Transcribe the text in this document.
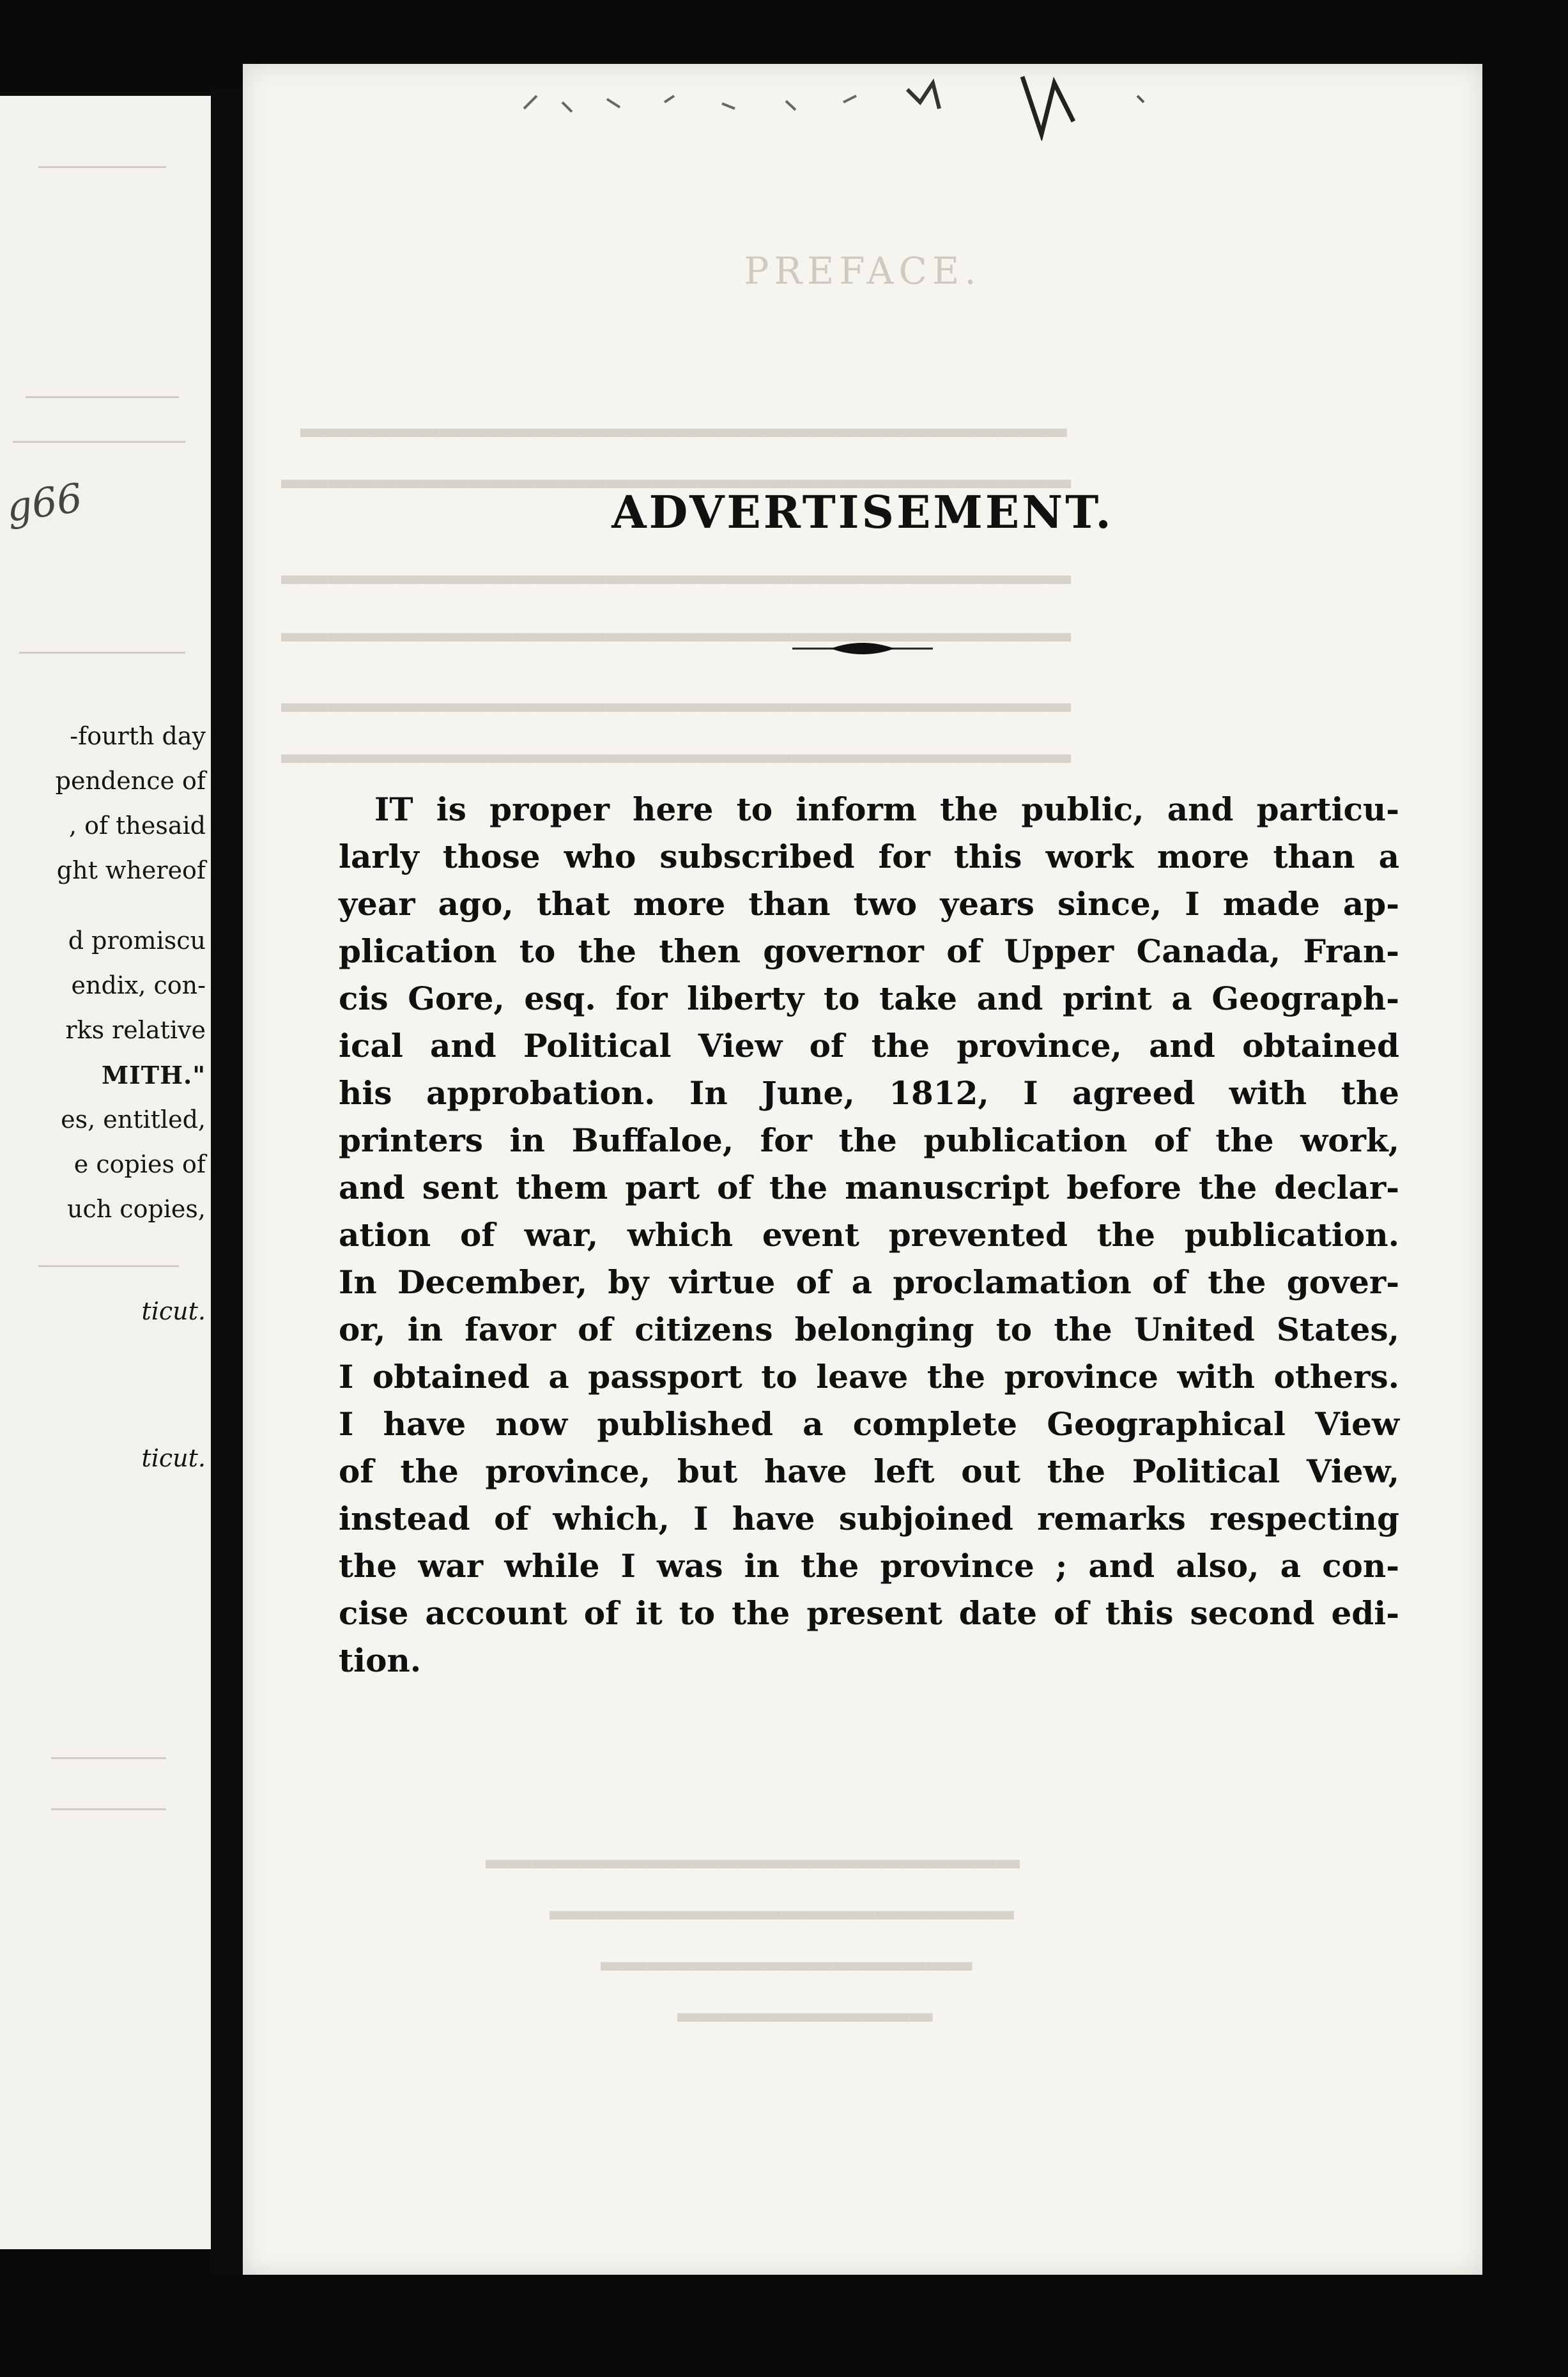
g66
-fourth day
pendence of
, of thesaid
ght whereof
d promiscu
endix, con-
rks relative
MITH."
es, entitled,
e copies of
uch copies,
ticut.
ticut.
PREFACE.
▂▂▂▂▂▂▂▂▂▂▂▂▂▂▂▂▂▂▂▂▂▂▂▂▂▂▂▂▂▂▂▂▂
▂▂▂▂▂▂▂▂▂▂▂▂▂▂▂▂▂▂▂▂▂▂▂▂▂▂▂▂▂▂▂▂▂▂
▂▂▂▂▂▂▂▂▂▂▂▂▂▂▂▂▂▂▂▂▂▂▂▂▂▂▂▂▂▂▂▂▂▂
▂▂▂▂▂▂▂▂▂▂▂▂▂▂▂▂▂▂▂▂▂▂▂▂▂▂▂▂▂▂▂▂▂▂
▂▂▂▂▂▂▂▂▂▂▂▂▂▂▂▂▂▂▂▂▂▂▂▂▂▂▂▂▂▂▂▂▂▂
▂▂▂▂▂▂▂▂▂▂▂▂▂▂▂▂▂▂▂▂▂▂▂▂▂▂▂▂▂▂▂▂▂▂
▂▂▂▂▂▂▂▂▂▂▂▂▂▂▂▂▂▂▂▂▂▂▂
▂▂▂▂▂▂▂▂▂▂▂▂▂▂▂▂▂▂▂▂
▂▂▂▂▂▂▂▂▂▂▂▂▂▂▂▂
▂▂▂▂▂▂▂▂▂▂▂
ADVERTISEMENT.
IT is proper here to inform the public, and particu-
larly those who subscribed for this work more than a
year ago, that more than two years since, I made ap-
plication to the then governor of Upper Canada, Fran-
cis Gore, esq. for liberty to take and print a Geograph-
ical and Political View of the province, and obtained
his approbation. In June, 1812, I agreed with the
printers in Buffaloe, for the publication of the work,
and sent them part of the manuscript before the declar-
ation of war, which event prevented the publication.
In December, by virtue of a proclamation of the gover-
or, in favor of citizens belonging to the United States,
I obtained a passport to leave the province with others.
I have now published a complete Geographical View
of the province, but have left out the Political View,
instead of which, I have subjoined remarks respecting
the war while I was in the province ; and also, a con-
cise account of it to the present date of this second edi-
tion.
